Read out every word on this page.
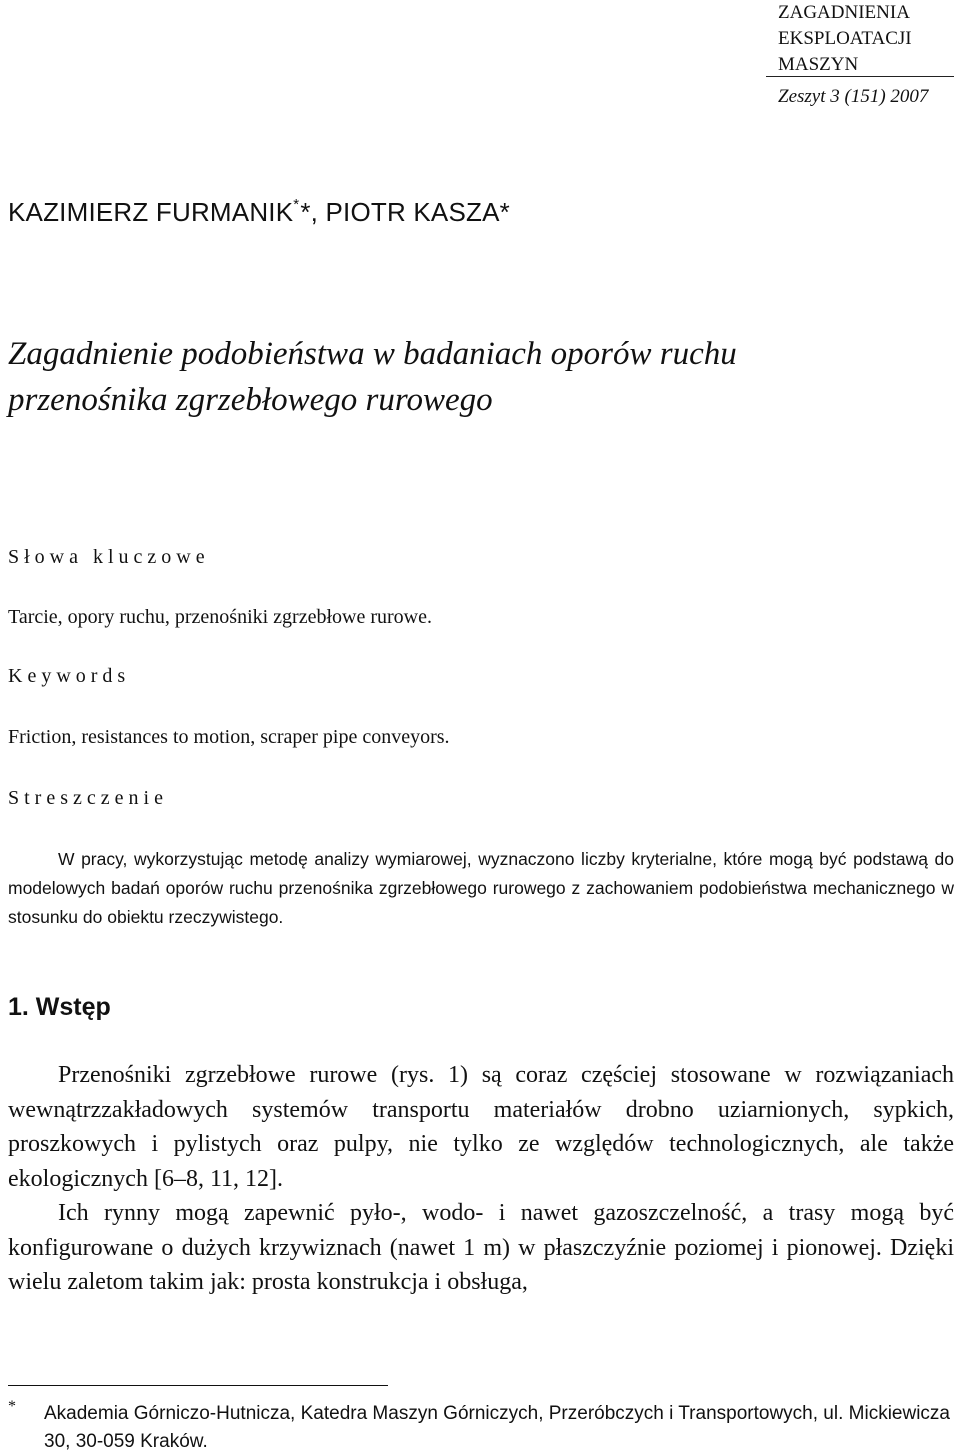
ZAGADNIENIA
EKSPLOATACJI
MASZYN
Zeszyt 3 (151) 2007
KAZIMIERZ FURMANIK**, PIOTR KASZA*
Zagadnienie podobieństwa w badaniach oporów ruchu
przenośnika zgrzebłowego rurowego
Słowa kluczowe
Tarcie, opory ruchu, przenośniki zgrzebłowe rurowe.
Keywords
Friction, resistances to motion, scraper pipe conveyors.
Streszczenie

W pracy, wykorzystując metodę analizy wymiarowej, wyznaczono liczby kryterialne, które mogą być podstawą do modelowych badań oporów ruchu przenośnika zgrzebłowego rurowego z zachowaniem podobieństwa mechanicznego w stosunku do obiektu rzeczywistego.

1. Wstęp

Przenośniki zgrzebłowe rurowe (rys. 1) są coraz częściej stosowane w rozwiązaniach wewnątrzzakładowych systemów transportu materiałów drobno uziarnionych, sypkich, proszkowych i pylistych oraz pulpy, nie tylko ze względów technologicznych, ale także ekologicznych [6–8, 11, 12].

Ich rynny mogą zapewnić pyło-, wodo- i nawet gazoszczelność, a trasy mogą być konfigurowane o dużych krzywiznach (nawet 1 m) w płaszczyźnie poziomej i pionowej. Dzięki wielu zaletom takim jak: prosta konstrukcja i obsługa,

* Akademia Górniczo-Hutnicza, Katedra Maszyn Górniczych, Przeróbczych i Transportowych, ul. Mickiewicza 30, 30-059 Kraków.
